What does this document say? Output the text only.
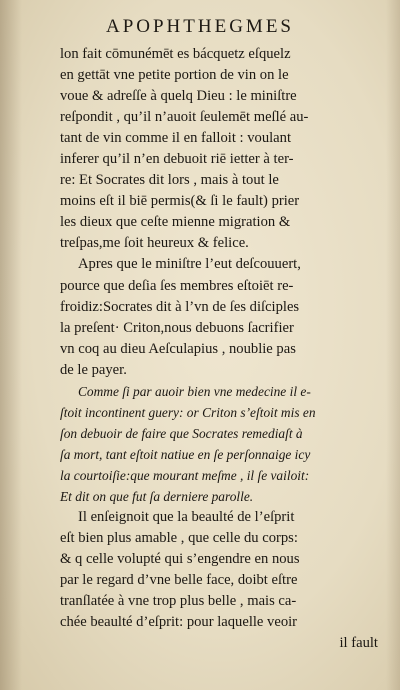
APOPHTHEGMES
lon fait cōmunémēt es bácquetz eſquelz
en gettāt vne petite portion de vin on le
voue & adreſſe à quelq Dieu : le miniſtre
reſpondit , qu’il n’auoit ſeulemēt meſlé au-
tant de vin comme il en falloit : voulant
inferer qu’il n’en debuoit riē ietter à ter-
re: Et Socrates dit lors , mais à tout le
moins eſt il biē permis(& ſi le fault) prier
les dieux que ceſte mienne migration &
treſpas,me ſoit heureux & felice.
Apres que le miniſtre l’eut deſcouuert,
pource que deſia ſes membres eſtoiēt re-
froidiz:Socrates dit à l’vn de ſes diſciples
la preſent· Criton,nous debuons ſacrifier
vn coq au dieu Aeſculapius , noublie pas
de le payer.
Comme ſi par auoir bien vne medecine il e-
ſtoit incontinent guery: or Criton s’eſtoit mis en
ſon debuoir de faire que Socrates remediaſt à
ſa mort, tant eſtoit natiue en ſe perſonnaige icy
la courtoiſie:que mourant meſme , il ſe vailoit:
Et dit on que fut ſa derniere parolle.
Il enſeignoit que la beaulté de l’eſprit
eſt bien plus amable , que celle du corps:
& q celle volupté qui s’engendre en nous
par le regard d’vne belle face, doibt eſtre
tranſlatée à vne trop plus belle , mais ca-
chée beaulté d’eſprit: pour laquelle veoir
il fault
